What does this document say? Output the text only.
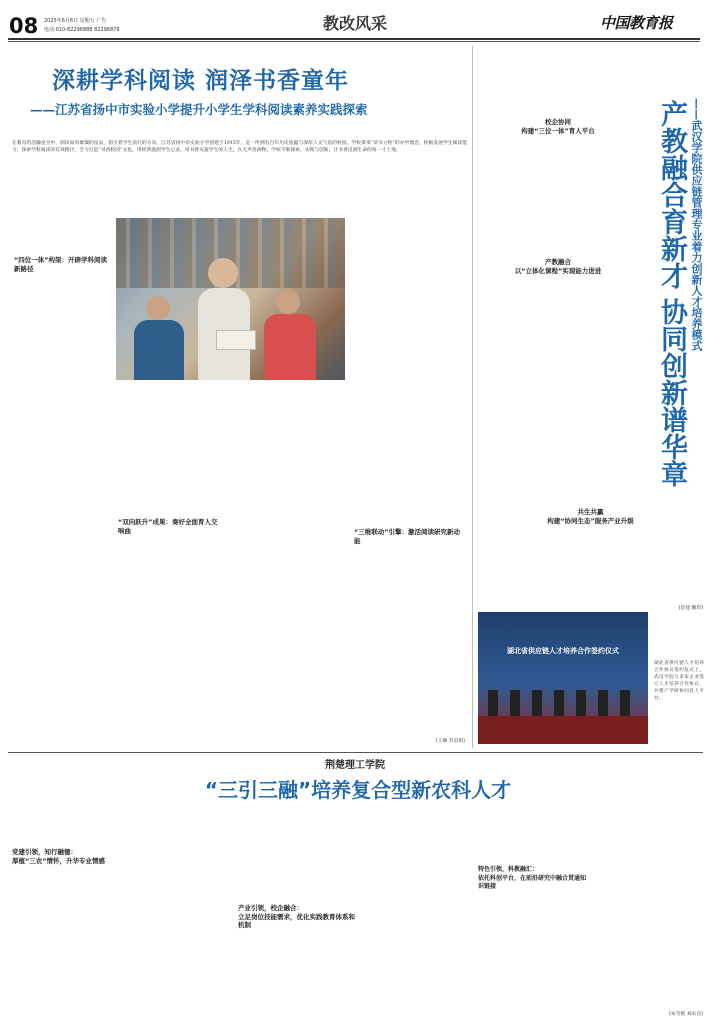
08 2025年6月6日 星期五 广告
电话:010-82296888 82296879	教改风采	中国教育报
深耕学科阅读 润泽书香童年
——江苏省扬中市实验小学提升小学生学科阅读素养实践探索
在教育的浩瀚星空中，阅读如同璀璨的星辰，指引着学生前行的方向。江苏省扬中市实验小学创建于1915年，是一所拥有百年历史底蕴与深厚人文气息的校园。学校秉承“读书立校”的办学理念，积极发展学生阅读能力，探索学科阅读的有效路径，全力打造“书香校园”文化，用经典滋润学生心灵，用书香充盈学生的人生。在无声处润物。学校不断探索，实践与创新，让书香浸润生命的每一寸土地。
“四位一体”构架：开辟学科阅读新路径
“双向跃升”成果：奏好全面育人交响曲	“三维联动”引擎：激活阅读研究新动能
(王琳 苏双娟)
校企协同
构建“三位一体”育人平台
产教融合
以“立体化课程”实现能力进进	产教融合育新才 协同创新谱华章 ——武汉学院供应链管理专业着力创新人才培养模式
共生共赢
构建“协同生态”服务产业升级
(范建 鹏琪)
湖北省供应链人才培养合作签约仪式
湖北省供应链人才培养合作协议签约仪式上，武汉学院与多家企业签订人才培养合作协议，共建产学研协同育人平台。
荆楚理工学院
“三引三融”培养复合型新农科人才
党建引领，知行融德：
厚植“三农”情怀，升华专业情感
产业引领，校企融合：
立足岗位技能需求，优化实践教育体系和机制
特色引领，科教融汇：
依托科创平台，在前沿研究中融合贯通知识链接
(朱雪艳 刘永昌)
